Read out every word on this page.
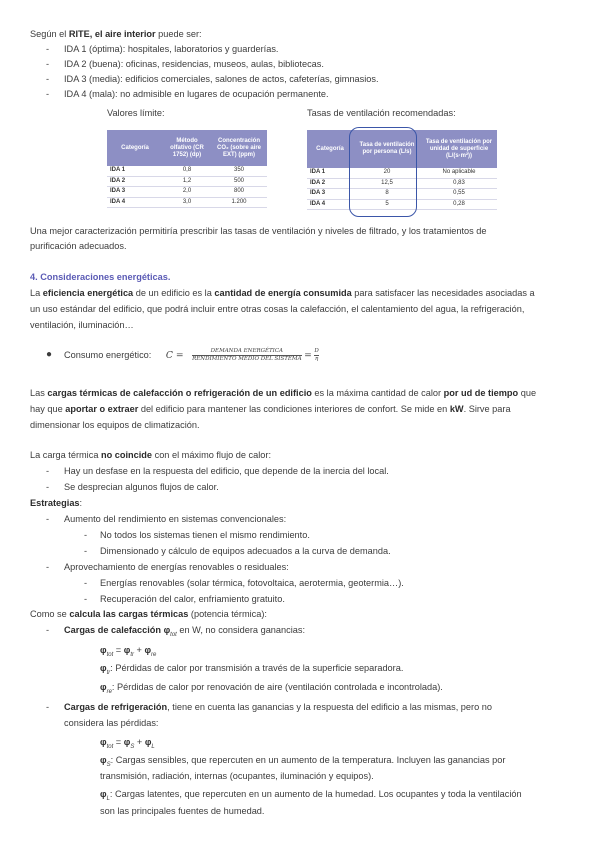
Según el RITE, el aire interior puede ser:
- IDA 1 (óptima): hospitales, laboratorios y guarderías.
- IDA 2 (buena): oficinas, residencias, museos, aulas, bibliotecas.
- IDA 3 (media): edificios comerciales, salones de actos, cafeterías, gimnasios.
- IDA 4 (mala): no admisible en lugares de ocupación permanente.
Valores límite:	Tasas de ventilación recomendadas:
Categoría	Método olfativo (CR 1752) (dp)	Concentración CO₂ (sobre aire EXT) (ppm)
IDA 1	0,8	350
IDA 2	1,2	500
IDA 3	2,0	800
IDA 4	3,0	1.200
Categoría	Tasa de ventilación por persona (L/s)	Tasa de ventilación por unidad de superficie (L/(s·m²))
IDA 1	20	No aplicable
IDA 2	12,5	0,83
IDA 3	8	0,55
IDA 4	5	0,28
Una mejor caracterización permitiría prescribir las tasas de ventilación y niveles de filtrado, y los tratamientos de
purificación adecuados.
4. Consideraciones energéticas.
La eficiencia energética de un edificio es la cantidad de energía consumida para satisfacer las necesidades asociadas a
un uso estándar del edificio, que podrá incluir entre otras cosas la calefacción, el calentamiento del agua, la refrigeración,
ventilación, iluminación…
● Consumo energético: $C = \frac{\text{DEMANDA ENERGÉTICA}}{\text{RENDIMIENTO MEDIO DEL SISTEMA}} = \frac{D}{\eta}$
Las cargas térmicas de calefacción o refrigeración de un edificio es la máxima cantidad de calor por ud de tiempo que
hay que aportar o extraer del edificio para mantener las condiciones interiores de confort. Se mide en kW. Sirve para
dimensionar los equipos de climatización.
La carga térmica no coincide con el máximo flujo de calor:
- Hay un desfase en la respuesta del edificio, que depende de la inercia del local.
- Se desprecian algunos flujos de calor.
Estrategias:
- Aumento del rendimiento en sistemas convencionales:
- No todos los sistemas tienen el mismo rendimiento.
- Dimensionado y cálculo de equipos adecuados a la curva de demanda.
- Aprovechamiento de energías renovables o residuales:
- Energías renovables (solar térmica, fotovoltaica, aerotermia, geotermia…).
- Recuperación del calor, enfriamiento gratuito.
Como se calcula las cargas térmicas (potencia térmica):
- Cargas de calefacción $\varphi_{tot}$ en W, no considera ganancias:
$\varphi_{tot} = \varphi_{tr} + \varphi_{re}$
$\varphi_{tr}$: Pérdidas de calor por transmisión a través de la superficie separadora.
$\varphi_{re}$: Pérdidas de calor por renovación de aire (ventilación controlada e incontrolada).
- Cargas de refrigeración, tiene en cuenta las ganancias y la respuesta del edificio a las mismas, pero no
considera las pérdidas:
$\varphi_{tot} = \varphi_S + \varphi_L$
$\varphi_S$: Cargas sensibles, que repercuten en un aumento de la temperatura. Incluyen las ganancias por
transmisión, radiación, internas (ocupantes, iluminación y equipos).
$\varphi_L$: Cargas latentes, que repercuten en un aumento de la humedad. Los ocupantes y toda la ventilación
son las principales fuentes de humedad.
